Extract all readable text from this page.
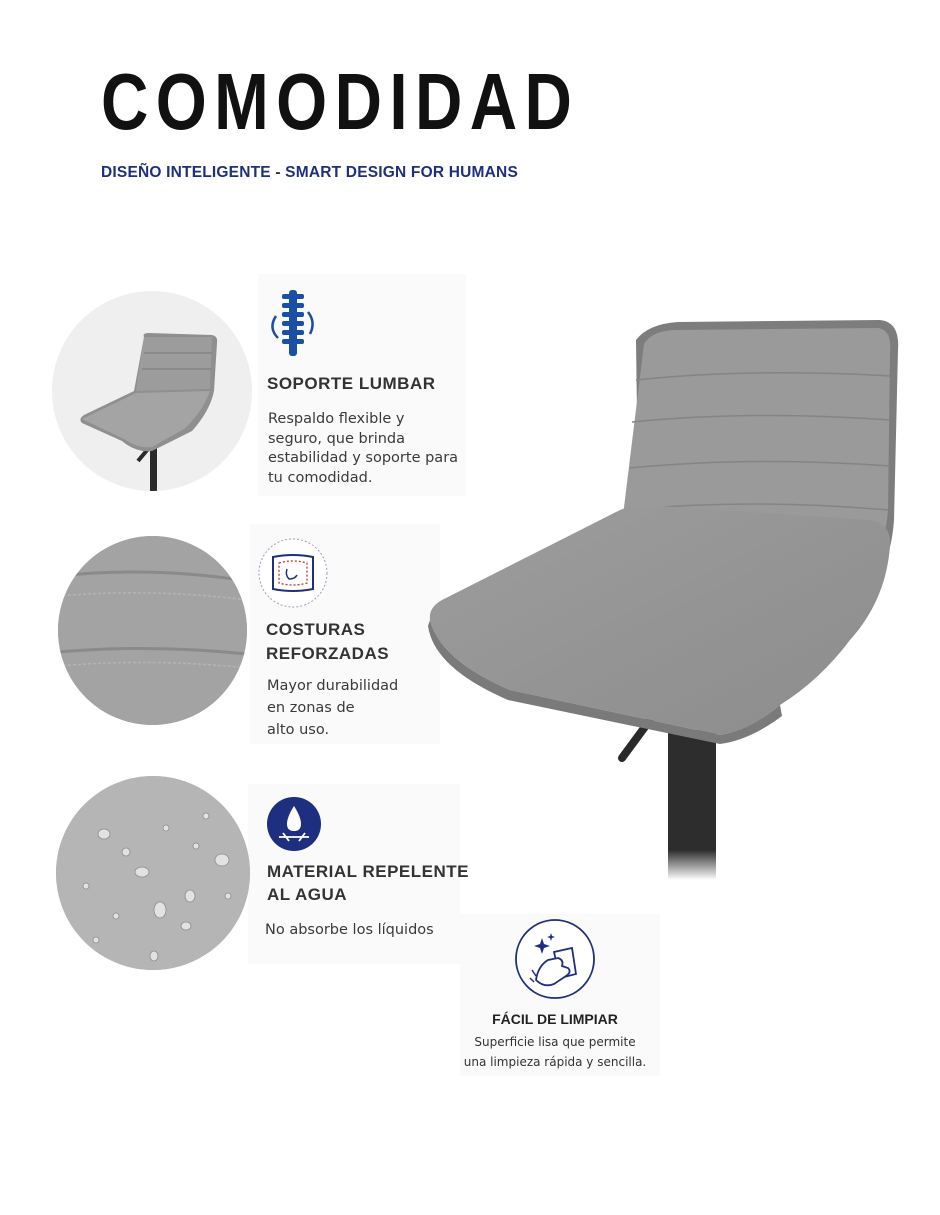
COMODIDAD
DISEÑO INTELIGENTE - SMART DESIGN FOR HUMANS
SOPORTE LUMBAR
Respaldo flexible y
seguro, que brinda
estabilidad y soporte para
tu comodidad.
COSTURAS
REFORZADAS
Mayor durabilidad
en zonas de
alto uso.
MATERIAL REPELENTE
AL AGUA
No absorbe los líquidos
FÁCIL DE LIMPIAR
Superficie lisa que permite
una limpieza rápida y sencilla.
